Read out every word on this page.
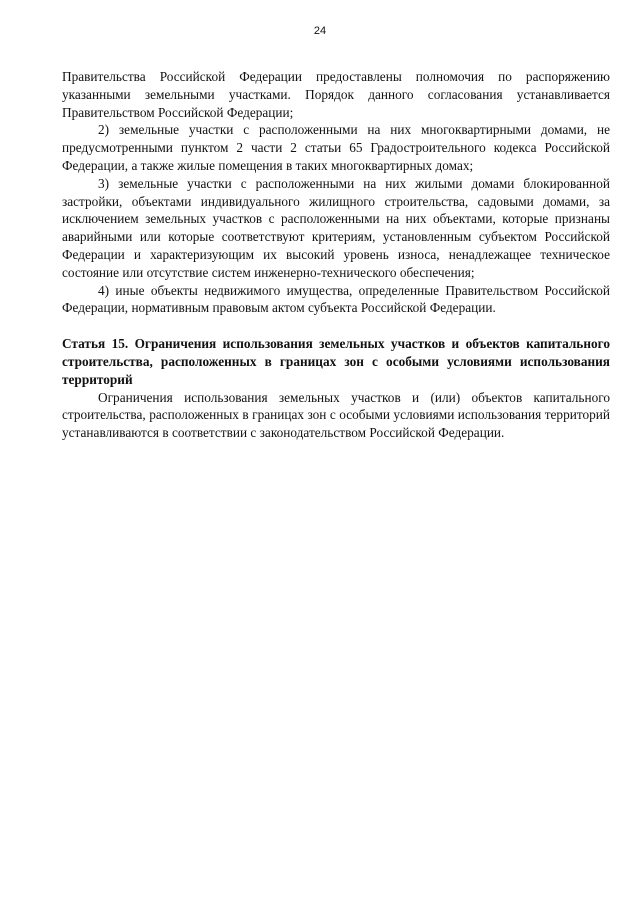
24

Правительства Российской Федерации предоставлены полномочия по распоряжению указанными земельными участками. Порядок данного согласования устанавливается Правительством Российской Федерации;

2) земельные участки с расположенными на них многоквартирными домами, не предусмотренными пунктом 2 части 2 статьи 65 Градостроительного кодекса Российской Федерации, а также жилые помещения в таких многоквартирных домах;

3) земельные участки с расположенными на них жилыми домами блокированной застройки, объектами индивидуального жилищного строительства, садовыми домами, за исключением земельных участков с расположенными на них объектами, которые признаны аварийными или которые соответствуют критериям, установленным субъектом Российской Федерации и характеризующим их высокий уровень износа, ненадлежащее техническое состояние или отсутствие систем инженерно-технического обеспечения;

4) иные объекты недвижимого имущества, определенные Правительством Российской Федерации, нормативным правовым актом субъекта Российской Федерации.

Статья 15. Ограничения использования земельных участков и объектов капитального строительства, расположенных в границах зон с особыми условиями использования территорий

Ограничения использования земельных участков и (или) объектов капитального строительства, расположенных в границах зон с особыми условиями использования территорий устанавливаются в соответствии с законодательством Российской Федерации.
